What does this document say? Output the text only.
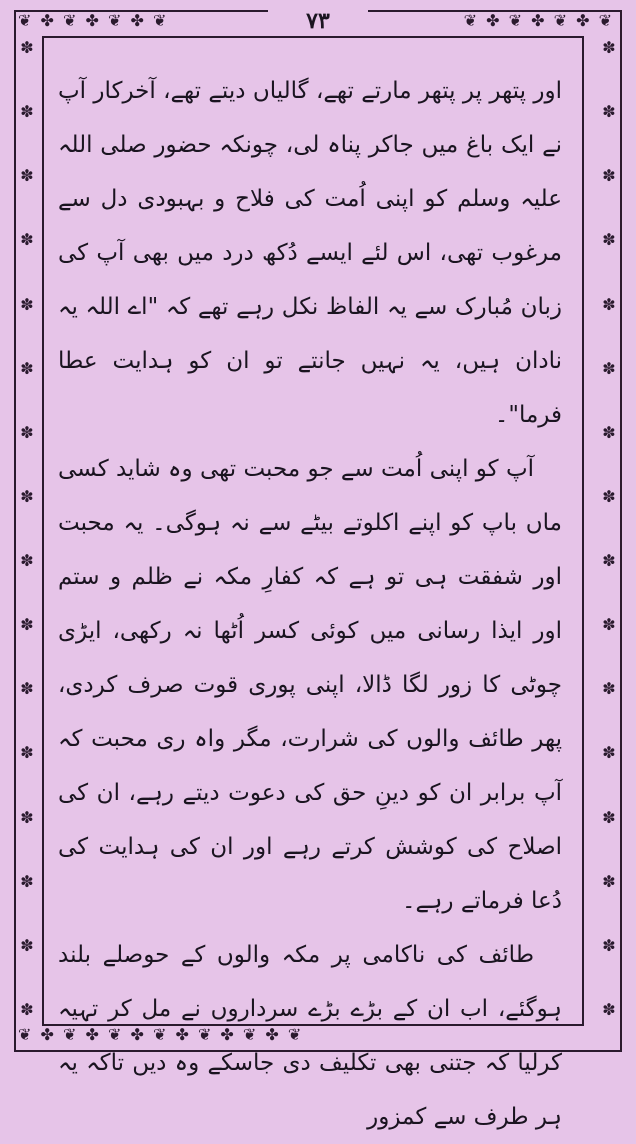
❦ ✤ ❦ ✤ ❦ ✤ ❦	❦ ✤ ❦ ✤ ❦ ✤ ❦
✽
✽
✽
✽
✽
✽
✽
✽
✽
✽
✽
✽
✽
✽
✽
✽
✽
✽
✽
✽
✽
✽
✽
✽
✽
✽
✽
✽
✽
✽
✽
✽
❦ ✤ ❦ ✤ ❦ ✤ ❦ ✤ ❦ ✤ ❦ ✤ ❦
۷۳

اور پتھر پر پتھر مارتے تھے، گالیاں دیتے تھے، آخرکار آپ نے ایک باغ میں جاکر پناہ لی، چونکہ حضور صلی اللہ علیہ وسلم کو اپنی اُمت کی فلاح و بہبودی دل سے مرغوب تھی، اس لئے ایسے دُکھ درد میں بھی آپ کی زبان مُبارک سے یہ الفاظ نکل رہے تھے کہ "اے اللہ یہ نادان ہیں، یہ نہیں جانتے تو ان کو ہدایت عطا فرما"۔

آپ کو اپنی اُمت سے جو محبت تھی وہ شاید کسی ماں باپ کو اپنے اکلوتے بیٹے سے نہ ہوگی۔ یہ محبت اور شفقت ہی تو ہے کہ کفارِ مکہ نے ظلم و ستم اور ایذا رسانی میں کوئی کسر اُٹھا نہ رکھی، ایڑی چوٹی کا زور لگا ڈالا، اپنی پوری قوت صرف کردی، پھر طائف والوں کی شرارت، مگر واہ ری محبت کہ آپ برابر ان کو دینِ حق کی دعوت دیتے رہے، ان کی اصلاح کی کوشش کرتے رہے اور ان کی ہدایت کی دُعا فرماتے رہے۔

طائف کی ناکامی پر مکہ والوں کے حوصلے بلند ہوگئے، اب ان کے بڑے بڑے سرداروں نے مل کر تہیہ کرلیا کہ جتنی بھی تکلیف دی جاسکے وہ دیں تاکہ یہ ہر طرف سے کمزور
